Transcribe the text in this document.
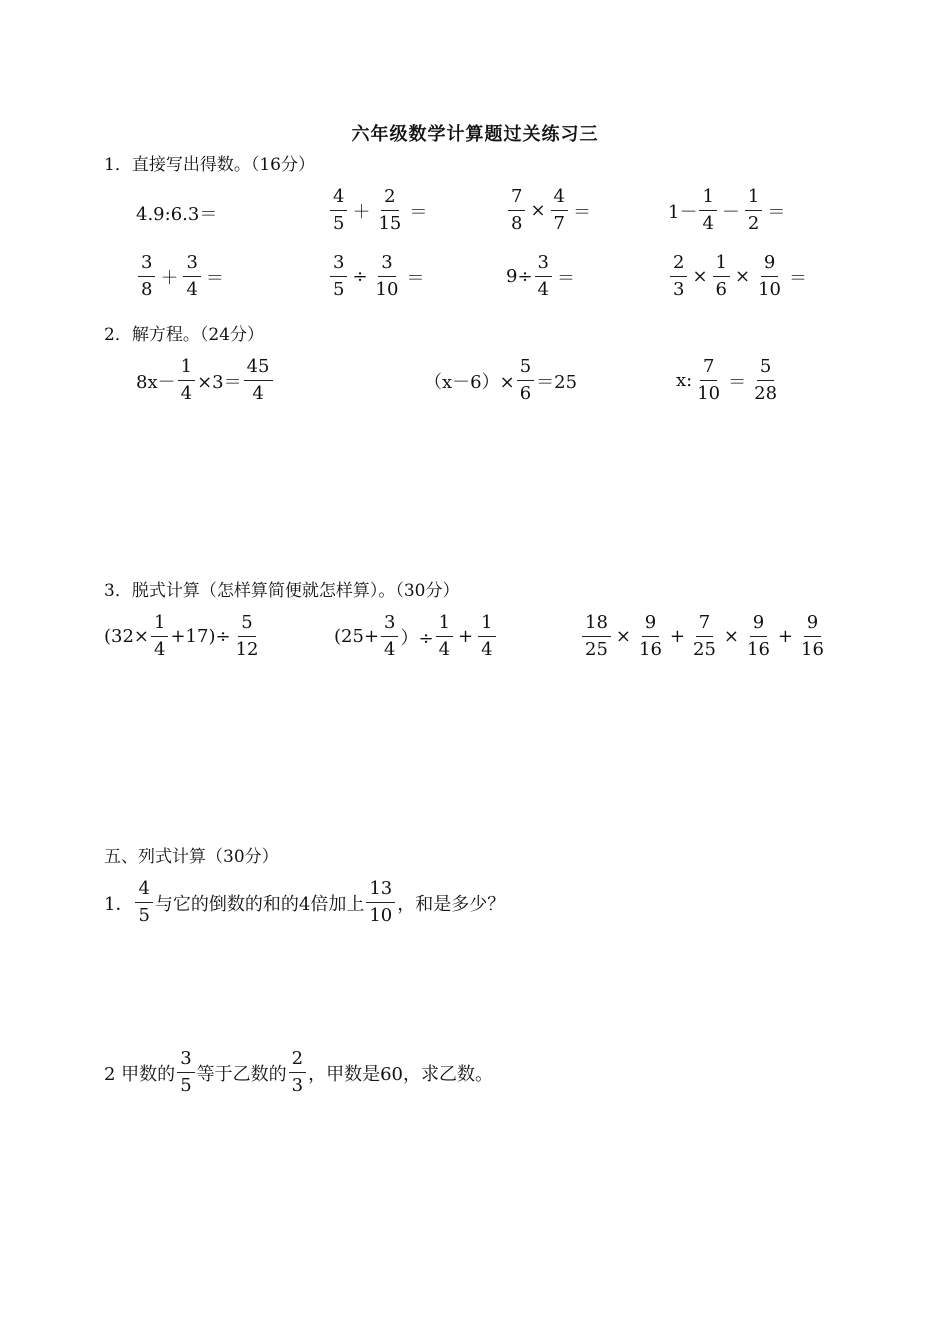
六年级数学计算题过关练习三
1．直接写出得数。（16分）
4.9:6.3＝	$\frac{4}{5} + \frac{2}{15}$ ＝	$\frac{7}{8} \times \frac{4}{7}$ ＝	$1- \frac{1}{4} - \frac{1}{2}$ ＝
$\frac{3}{8} + \frac{3}{4}$ ＝	$\frac{3}{5} \div \frac{3}{10}$ ＝	$9\div \frac{3}{4}$ ＝	$\frac{2}{3} \times \frac{1}{6} \times \frac{9}{10}$ ＝
2．解方程。（24分）
$8x- \frac{1}{4} \times 3= \frac{45}{4}$	$(x-6)\times \frac{5}{6} =25$	x: $\frac{7}{10} = \frac{5}{28}$
3．脱式计算（怎样算简便就怎样算）。（30分）
$(32\times \frac{1}{4} +17)\div \frac{5}{12}$	($25+ \frac{3}{4}$ ）÷ $\frac{1}{4} + \frac{1}{4}$	$\frac{18}{25} \times \frac{9}{16} + \frac{7}{25} \times \frac{9}{16} + \frac{9}{16}$
五、列式计算（30分）
1． $\frac{4}{5}$ 与它的倒数的和的4倍加上 $\frac{13}{10}$ ，和是多少？
2 甲数的 $\frac{3}{5}$ 等于乙数的 $\frac{2}{3}$ ，甲数是60，求乙数。
